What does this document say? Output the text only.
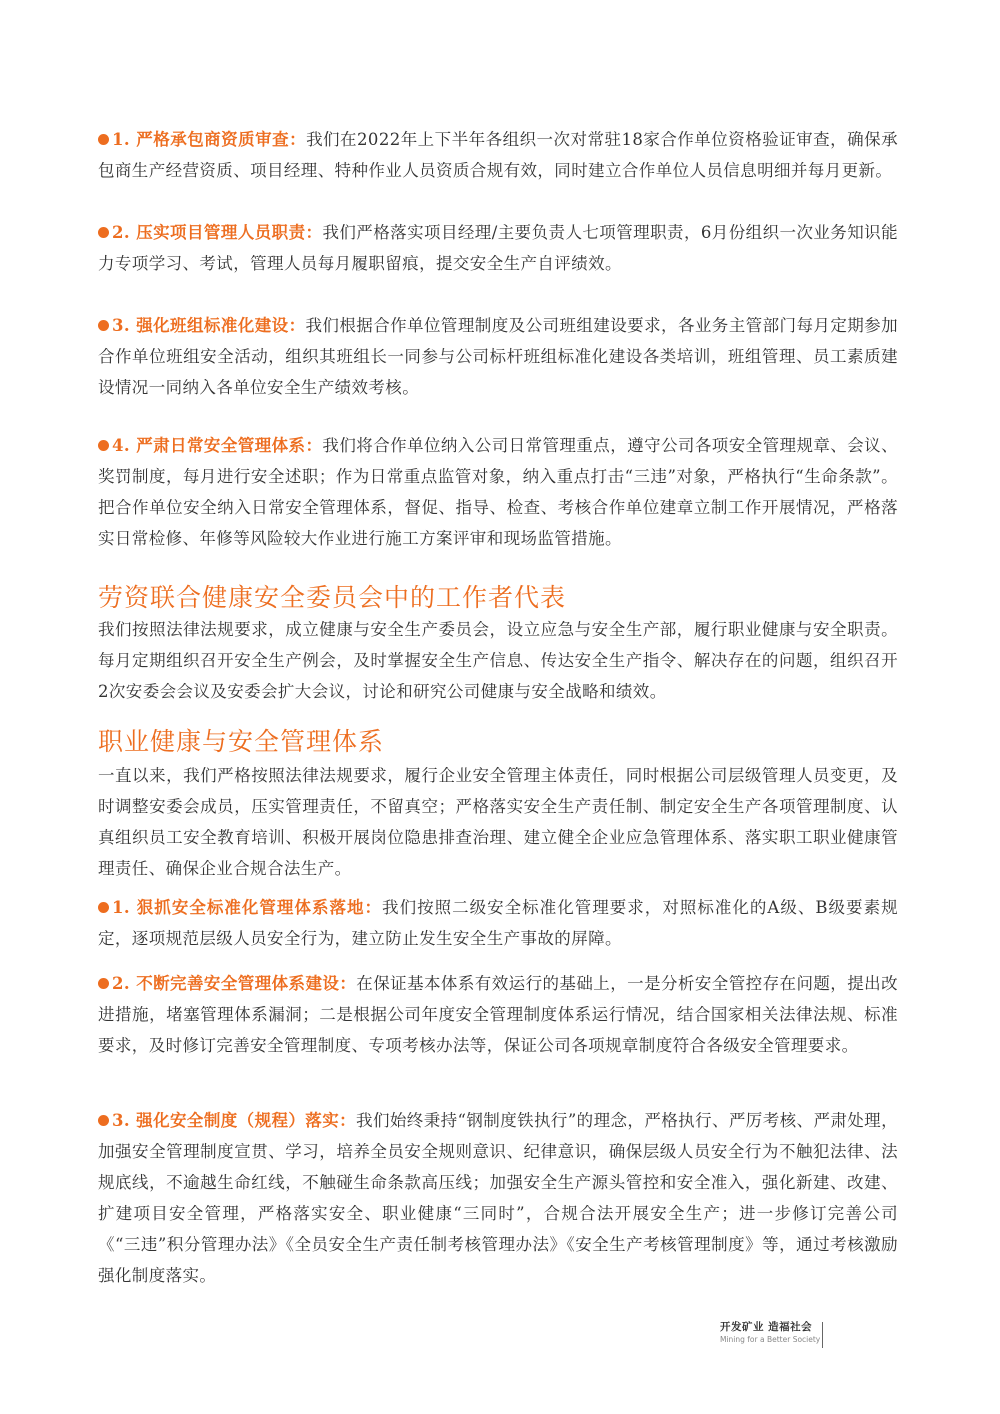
1. 严格承包商资质审查：我们在2022年上下半年各组织一次对常驻18家合作单位资格验证审查，确保承包商生产经营资质、项目经理、特种作业人员资质合规有效，同时建立合作单位人员信息明细并每月更新。

2. 压实项目管理人员职责：我们严格落实项目经理/主要负责人七项管理职责，6月份组织一次业务知识能力专项学习、考试，管理人员每月履职留痕，提交安全生产自评绩效。

3. 强化班组标准化建设：我们根据合作单位管理制度及公司班组建设要求，各业务主管部门每月定期参加合作单位班组安全活动，组织其班组长一同参与公司标杆班组标准化建设各类培训，班组管理、员工素质建设情况一同纳入各单位安全生产绩效考核。

4. 严肃日常安全管理体系：我们将合作单位纳入公司日常管理重点，遵守公司各项安全管理规章、会议、奖罚制度，每月进行安全述职；作为日常重点监管对象，纳入重点打击“三违”对象，严格执行“生命条款”。把合作单位安全纳入日常安全管理体系，督促、指导、检查、考核合作单位建章立制工作开展情况，严格落实日常检修、年修等风险较大作业进行施工方案评审和现场监管措施。

劳资联合健康安全委员会中的工作者代表

我们按照法律法规要求，成立健康与安全生产委员会，设立应急与安全生产部，履行职业健康与安全职责。每月定期组织召开安全生产例会，及时掌握安全生产信息、传达安全生产指令、解决存在的问题，组织召开2次安委会会议及安委会扩大会议，讨论和研究公司健康与安全战略和绩效。

职业健康与安全管理体系

一直以来，我们严格按照法律法规要求，履行企业安全管理主体责任，同时根据公司层级管理人员变更，及时调整安委会成员，压实管理责任，不留真空；严格落实安全生产责任制、制定安全生产各项管理制度、认真组织员工安全教育培训、积极开展岗位隐患排查治理、建立健全企业应急管理体系、落实职工职业健康管理责任、确保企业合规合法生产。

1. 狠抓安全标准化管理体系落地：我们按照二级安全标准化管理要求，对照标准化的A级、B级要素规定，逐项规范层级人员安全行为，建立防止发生安全生产事故的屏障。

2. 不断完善安全管理体系建设：在保证基本体系有效运行的基础上，一是分析安全管控存在问题，提出改进措施，堵塞管理体系漏洞；二是根据公司年度安全管理制度体系运行情况，结合国家相关法律法规、标准要求，及时修订完善安全管理制度、专项考核办法等，保证公司各项规章制度符合各级安全管理要求。

3. 强化安全制度（规程）落实：我们始终秉持“钢制度铁执行”的理念，严格执行、严厉考核、严肃处理，加强安全管理制度宣贯、学习，培养全员安全规则意识、纪律意识，确保层级人员安全行为不触犯法律、法规底线，不逾越生命红线，不触碰生命条款高压线；加强安全生产源头管控和安全准入，强化新建、改建、扩建项目安全管理，严格落实安全、职业健康“三同时”，合规合法开展安全生产；进一步修订完善公司《“三违”积分管理办法》《全员安全生产责任制考核管理办法》《安全生产考核管理制度》等，通过考核激励强化制度落实。

开发矿业 造福社会
Mining for a Better Society
